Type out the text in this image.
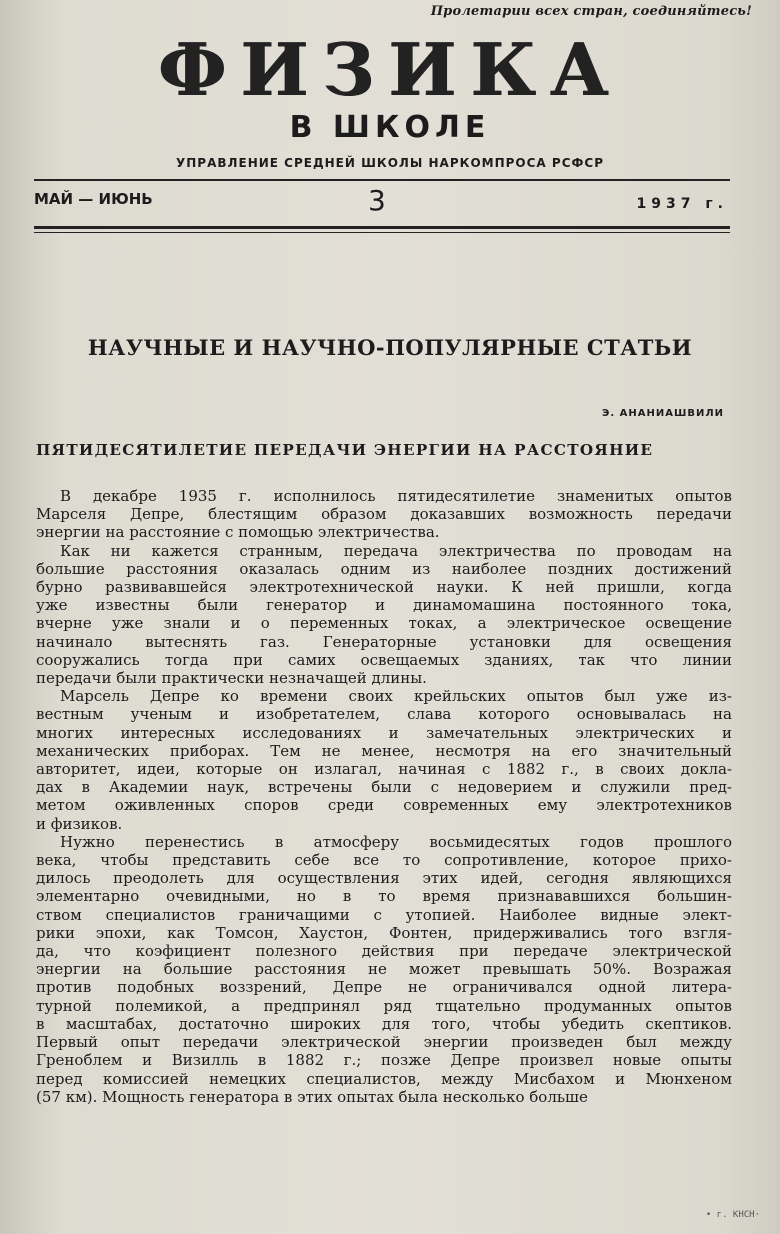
Пролетарии всех стран, соединяйтесь!
ФИЗИКА
В ШКОЛЕ
УПРАВЛЕНИЕ СРЕДНЕЙ ШКОЛЫ НАРКОМПРОСА РСФСР
МАЙ — ИЮНЬ	3	1937 г.
НАУЧНЫЕ И НАУЧНО-ПОПУЛЯРНЫЕ СТАТЬИ
Э. АНАНИАШВИЛИ
ПЯТИДЕСЯТИЛЕТИЕ ПЕРЕДАЧИ ЭНЕРГИИ НА РАССТОЯНИЕ
В декабре 1935 г. исполнилось пятидесятилетие знаменитых опытов
Марселя Депре, блестящим образом доказавших возможность передачи
энергии на расстояние с помощью электричества.
Как ни кажется странным, передача электричества по проводам на
большие расстояния оказалась одним из наиболее поздних достижений
бурно развивавшейся электротехнической науки. К ней пришли, когда
уже известны были генератор и динамомашина постоянного тока,
вчерне уже знали и о переменных токах, а электрическое освещение
начинало вытеснять газ. Генераторные установки для освещения
сооружались тогда при самих освещаемых зданиях, так что линии
передачи были практически незначащей длины.
Марсель Депре ко времени своих крейльских опытов был уже из-
вестным ученым и изобретателем, слава которого основывалась на
многих интересных исследованиях и замечательных электрических и
механических приборах. Тем не менее, несмотря на его значительный
авторитет, идеи, которые он излагал, начиная с 1882 г., в своих докла-
дах в Академии наук, встречены были с недоверием и служили пред-
метом оживленных споров среди современных ему электротехников
и физиков.
Нужно перенестись в атмосферу восьмидесятых годов прошлого
века, чтобы представить себе все то сопротивление, которое прихо-
дилось преодолеть для осуществления этих идей, сегодня являющихся
элементарно очевидными, но в то время признававшихся большин-
ством специалистов граничащими с утопией. Наиболее видные элект-
рики эпохи, как Томсон, Хаустон, Фонтен, придерживались того взгля-
да, что коэфициент полезного действия при передаче электрической
энергии на большие расстояния не может превышать 50%. Возражая
против подобных воззрений, Депре не ограничивался одной литера-
турной полемикой, а предпринял ряд тщательно продуманных опытов
в масштабах, достаточно широких для того, чтобы убедить скептиков.
Первый опыт передачи электрической энергии произведен был между
Греноблем и Визилль в 1882 г.; позже Депре произвел новые опыты
перед комиссией немецких специалистов, между Мисбахом и Мюнхеном
(57 км). Мощность генератора в этих опытах была несколько больше
• г. КНСН·
